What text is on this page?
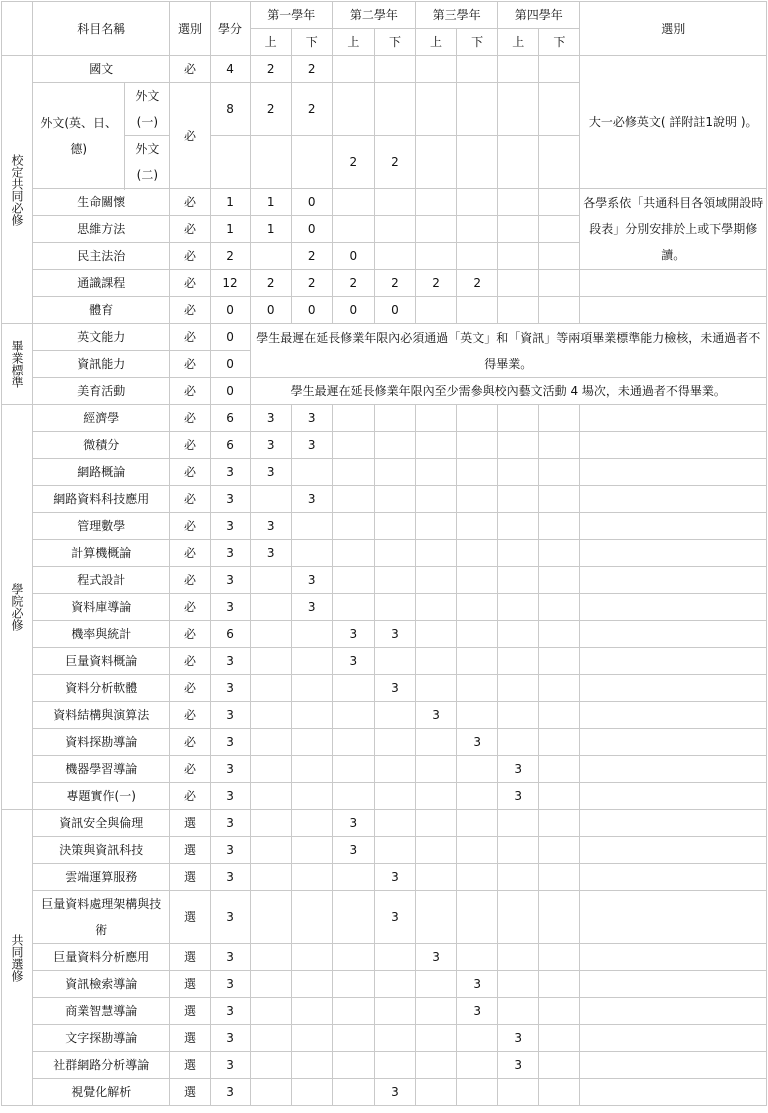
	科目名稱		選別	學分	第一學年		第二學年		第三學年		第四學年		選別
					上	下	上	下	上	下	上	下	
校定共同必修	國文		必	4	2	2							大一必修英文( 詳附註1說明 )。
	外文(英、日、德)	外文(一)	必	8	2	2							

		外文(二)					2	2					

	生命關懷		必	1	1	0							各學系依「共通科目各領域開設時段表」分別安排於上或下學期修讀。
	思維方法		必	1	1	0							
	民主法治		必	2		2	0						
	通識課程		必	12	2	2	2	2	2	2			
	體育		必	0	0	0	0	0					
畢業標準	英文能力		必	0	學生最遲在延長修業年限內必須通過「英文」和「資訊」等兩項畢業標準能力檢核，未通過者不得畢業。								
	資訊能力		必	0									
	美育活動		必	0	學生最遲在延長修業年限內至少需參與校內藝文活動 4 場次，未通過者不得畢業。								
學院必修	經濟學		必	6	3	3							
	微積分		必	6	3	3							
	網路概論		必	3	3								
	網路資料科技應用		必	3		3							
	管理數學		必	3	3								
	計算機概論		必	3	3								
	程式設計		必	3		3							
	資料庫導論		必	3		3							
	機率與統計		必	6			3	3					
	巨量資料概論		必	3			3						
	資料分析軟體		必	3				3					
	資料結構與演算法		必	3					3				
	資料探勘導論		必	3						3			
	機器學習導論		必	3							3		
	專題實作(一)		必	3							3		
共同選修	資訊安全與倫理		選	3			3						
	決策與資訊科技		選	3			3						
	雲端運算服務		選	3				3					
	巨量資料處理架構與技術		選	3				3					
	巨量資料分析應用		選	3					3				
	資訊檢索導論		選	3						3			
	商業智慧導論		選	3						3			
	文字探勘導論		選	3							3		
	社群網路分析導論		選	3							3		
	視覺化解析		選	3				3					
